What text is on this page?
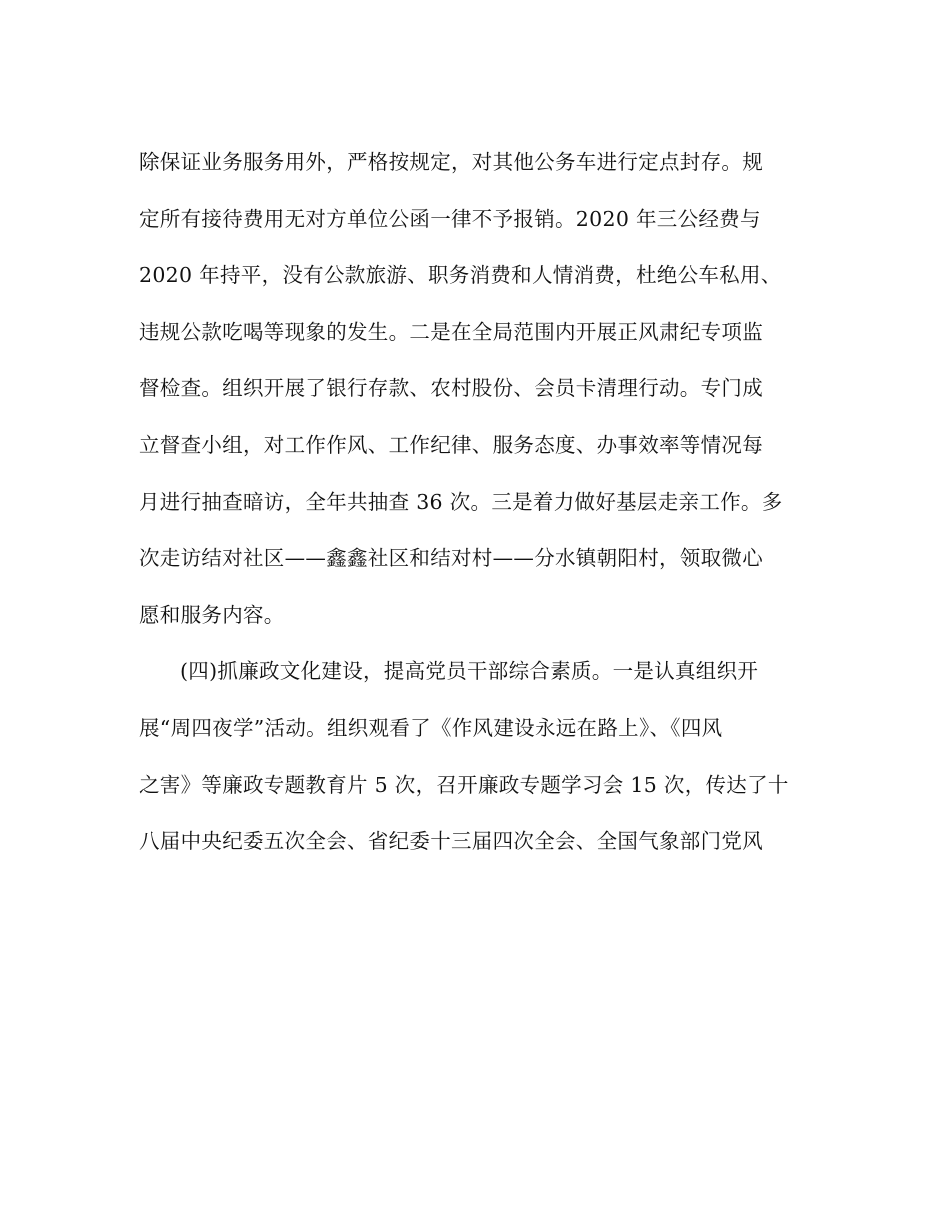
除保证业务服务用外，严格按规定，对其他公务车进行定点封存。规
定所有接待费用无对方单位公函一律不予报销。2020 年三公经费与
2020 年持平，没有公款旅游、职务消费和人情消费，杜绝公车私用、
违规公款吃喝等现象的发生。二是在全局范围内开展正风肃纪专项监
督检查。组织开展了银行存款、农村股份、会员卡清理行动。专门成
立督查小组，对工作作风、工作纪律、服务态度、办事效率等情况每
月进行抽查暗访，全年共抽查 36 次。三是着力做好基层走亲工作。多
次走访结对社区——鑫鑫社区和结对村——分水镇朝阳村，领取微心
愿和服务内容。
(四)抓廉政文化建设，提高党员干部综合素质。一是认真组织开
展“周四夜学”活动。组织观看了《作风建设永远在路上》、《四风
之害》等廉政专题教育片 5 次，召开廉政专题学习会 15 次，传达了十
八届中央纪委五次全会、省纪委十三届四次全会、全国气象部门党风
